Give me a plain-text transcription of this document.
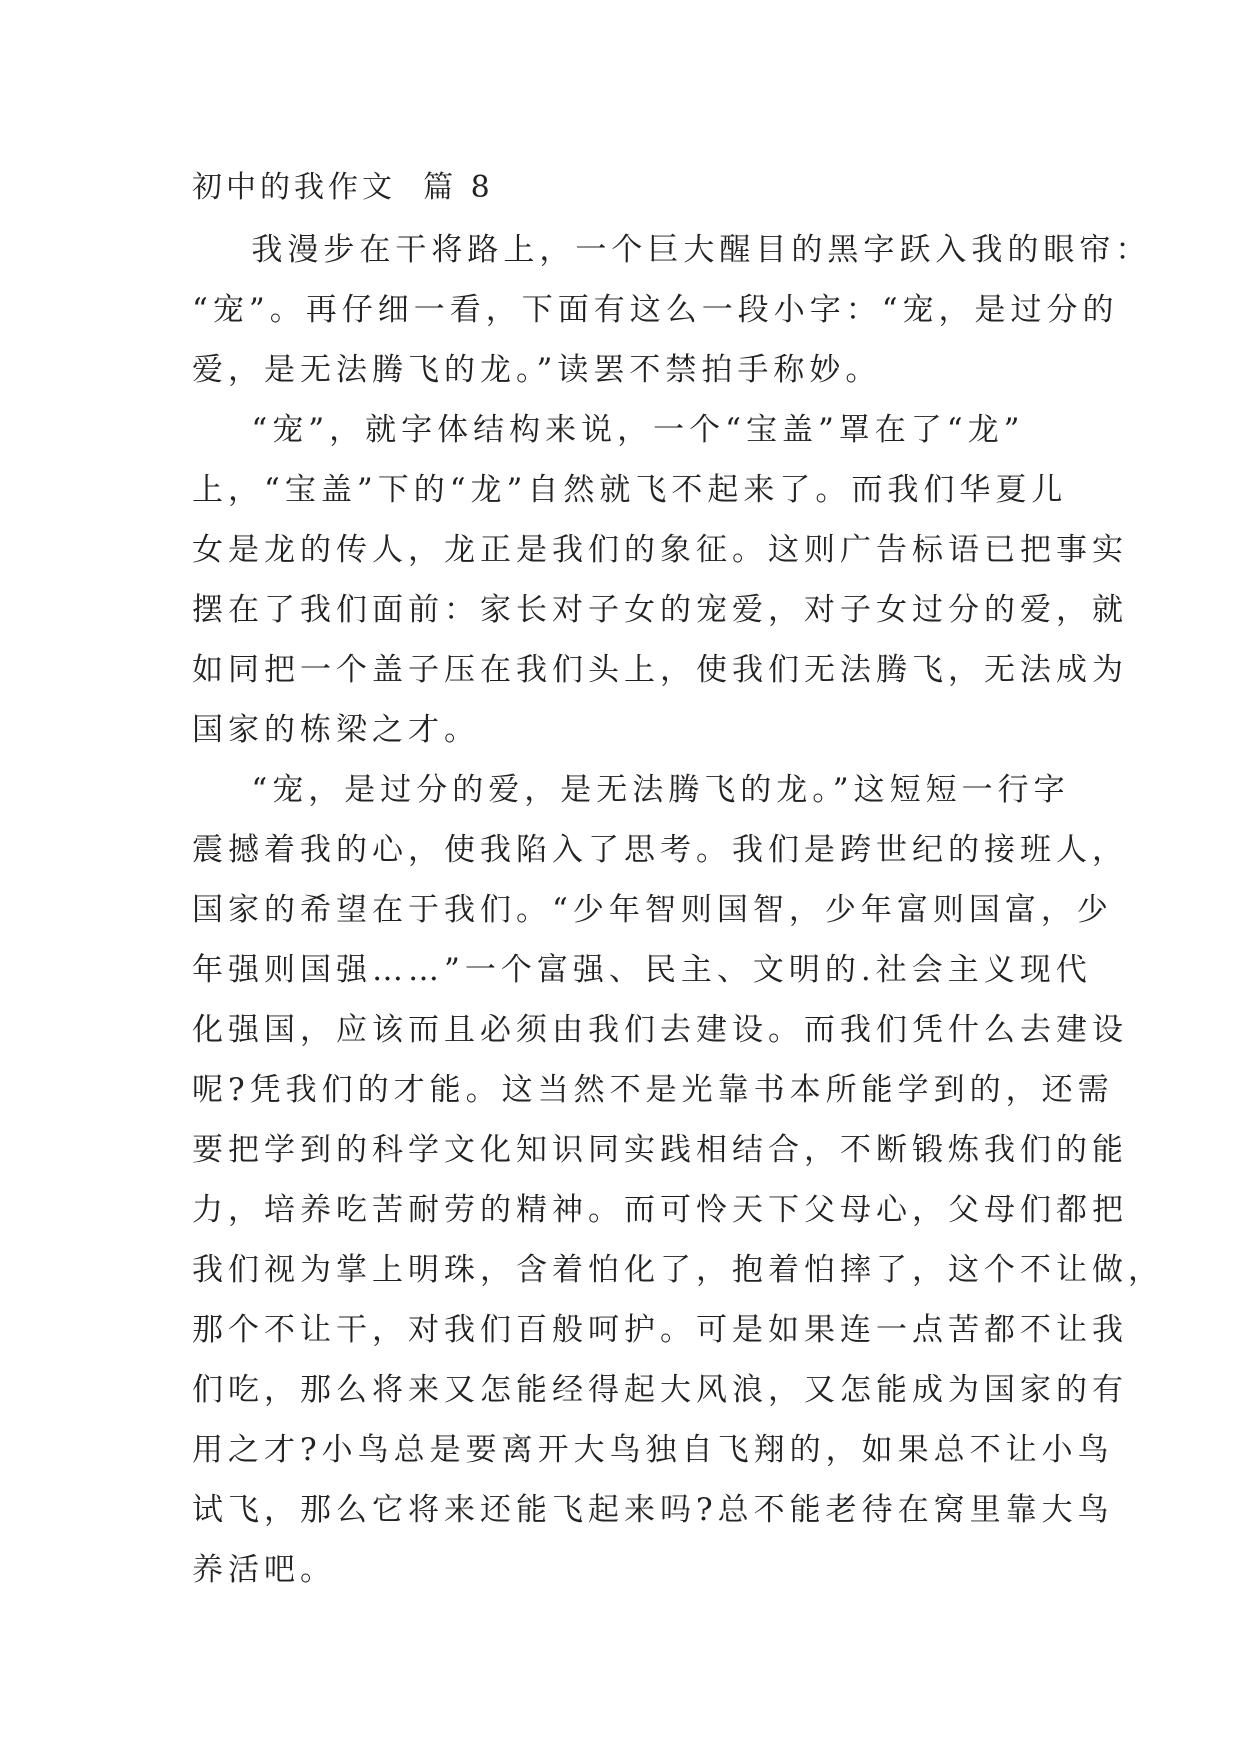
初中的我作文  篇 8
我漫步在干将路上，一个巨大醒目的黑字跃入我的眼帘：
“宠”。再仔细一看，下面有这么一段小字：“宠，是过分的
爱，是无法腾飞的龙。”读罢不禁拍手称妙。
“宠”，就字体结构来说，一个“宝盖”罩在了“龙”
上，“宝盖”下的“龙”自然就飞不起来了。而我们华夏儿
女是龙的传人，龙正是我们的象征。这则广告标语已把事实
摆在了我们面前：家长对子女的宠爱，对子女过分的爱，就
如同把一个盖子压在我们头上，使我们无法腾飞，无法成为
国家的栋梁之才。
“宠，是过分的爱，是无法腾飞的龙。”这短短一行字
震撼着我的心，使我陷入了思考。我们是跨世纪的接班人，
国家的希望在于我们。“少年智则国智，少年富则国富，少
年强则国强……”一个富强、民主、文明的.社会主义现代
化强国，应该而且必须由我们去建设。而我们凭什么去建设
呢?凭我们的才能。这当然不是光靠书本所能学到的，还需
要把学到的科学文化知识同实践相结合，不断锻炼我们的能
力，培养吃苦耐劳的精神。而可怜天下父母心，父母们都把
我们视为掌上明珠，含着怕化了，抱着怕摔了，这个不让做，
那个不让干，对我们百般呵护。可是如果连一点苦都不让我
们吃，那么将来又怎能经得起大风浪，又怎能成为国家的有
用之才?小鸟总是要离开大鸟独自飞翔的，如果总不让小鸟
试飞，那么它将来还能飞起来吗?总不能老待在窝里靠大鸟
养活吧。
